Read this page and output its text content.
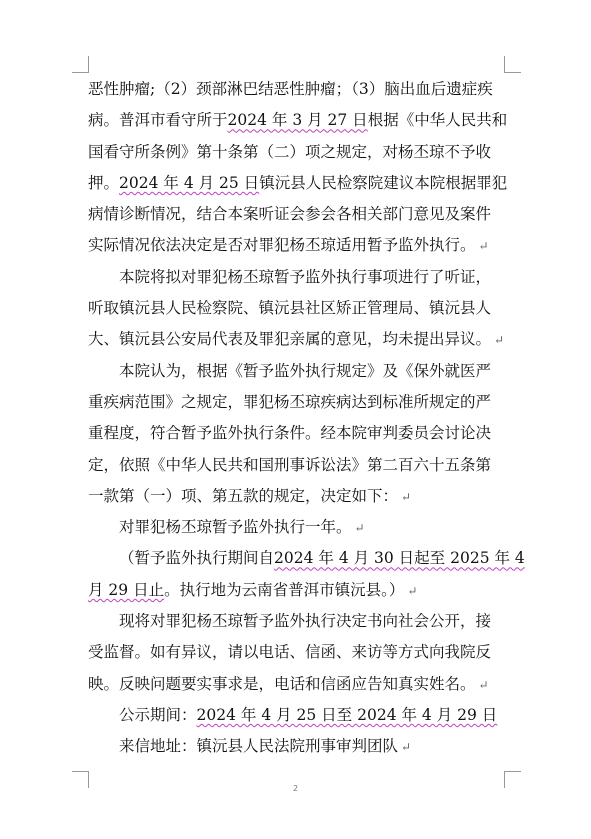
恶性肿瘤;（2）颈部淋巴结恶性肿瘤；（3）脑出血后遗症疾
病。普洱市看守所于2024 年 3 月 27 日根据《中华人民共和
国看守所条例》第十条第（二）项之规定，对杨丕琼不予收
押。2024 年 4 月 25 日镇沅县人民检察院建议本院根据罪犯
病情诊断情况，结合本案听证会参会各相关部门意见及案件
实际情况依法决定是否对罪犯杨丕琼适用暂予监外执行。 ↵
本院将拟对罪犯杨丕琼暂予监外执行事项进行了听证，
听取镇沅县人民检察院、镇沅县社区矫正管理局、镇沅县人
大、镇沅县公安局代表及罪犯亲属的意见，均未提出异议。 ↵
本院认为，根据《暂予监外执行规定》及《保外就医严
重疾病范围》之规定，罪犯杨丕琼疾病达到标准所规定的严
重程度，符合暂予监外执行条件。经本院审判委员会讨论决
定，依照《中华人民共和国刑事诉讼法》第二百六十五条第
一款第（一）项、第五款的规定，决定如下： ↵
对罪犯杨丕琼暂予监外执行一年。 ↵
（暂予监外执行期间自2024 年 4 月 30 日起至 2025 年 4
月 29 日止。执行地为云南省普洱市镇沅县。） ↵
现将对罪犯杨丕琼暂予监外执行决定书向社会公开，接
受监督。如有异议，请以电话、信函、来访等方式向我院反
映。反映问题要实事求是，电话和信函应告知真实姓名。 ↵
公示期间：2024 年 4 月 25 日至 2024 年 4 月 29 日
来信地址：镇沅县人民法院刑事审判团队 ↵
2
